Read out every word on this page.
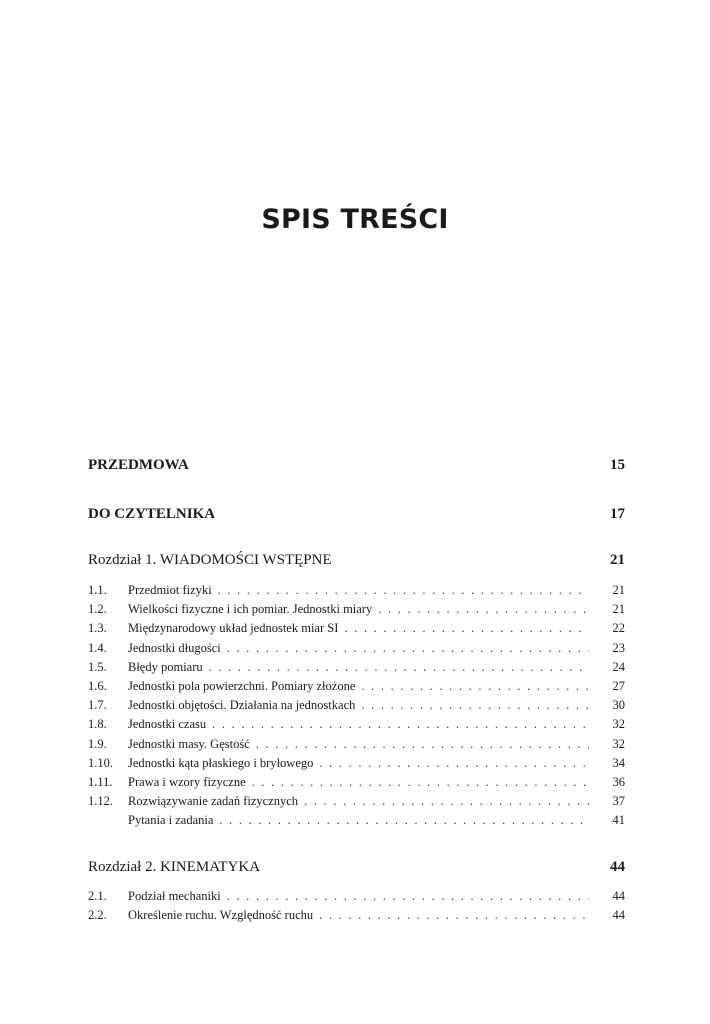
SPIS TREŚCI
PRZEDMOWA	15
DO CZYTELNIKA	17
Rozdział 1. WIADOMOŚCI WSTĘPNE	21
1.1.	Przedmiot fizyki . . .	21
1.2.	Wielkości fizyczne i ich pomiar. Jednostki miary . . .	21
1.3.	Międzynarodowy układ jednostek miar SI . . .	22
1.4.	Jednostki długości . . .	23
1.5.	Błędy pomiaru . . .	24
1.6.	Jednostki pola powierzchni. Pomiary złożone . . .	27
1.7.	Jednostki objętości. Działania na jednostkach . . .	30
1.8.	Jednostki czasu . . .	32
1.9.	Jednostki masy. Gęstość . . .	32
1.10.	Jednostki kąta płaskiego i bryłowego . . .	34
1.11.	Prawa i wzory fizyczne . . .	36
1.12.	Rozwiązywanie zadań fizycznych . . .	37
Pytania i zadania . . .	41
Rozdział 2. KINEMATYKA	44
2.1.	Podział mechaniki . . .	44
2.2.	Określenie ruchu. Względność ruchu . . .	44
